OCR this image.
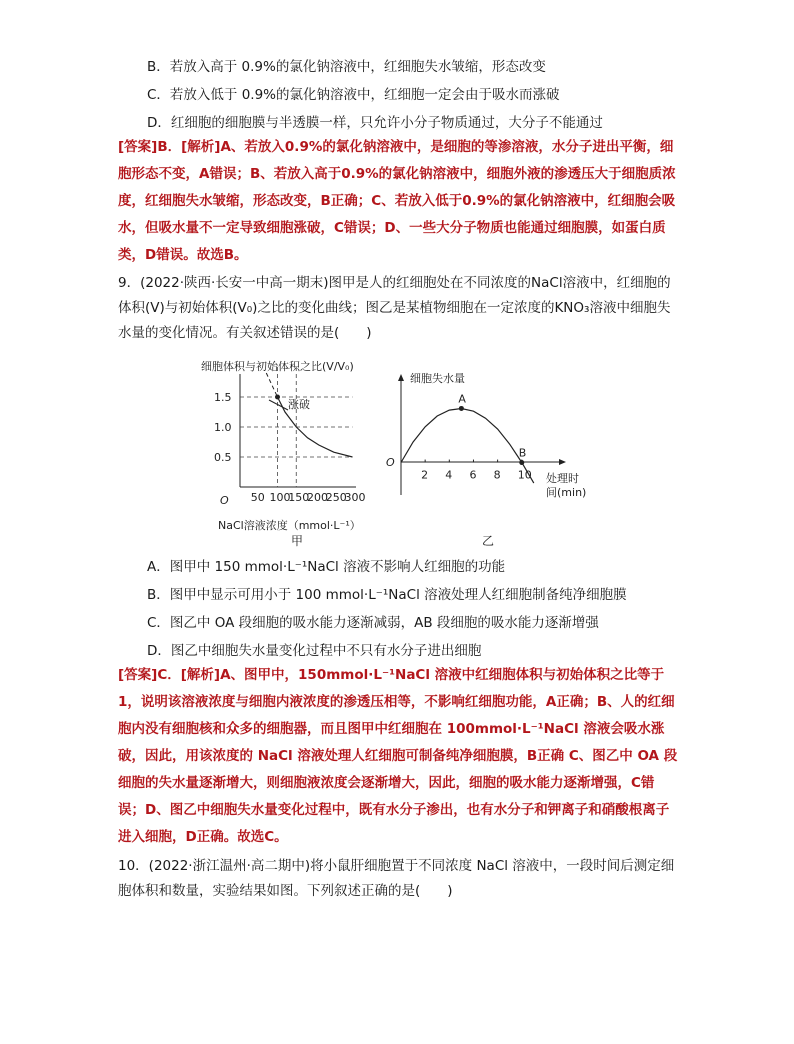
B．若放入高于 0.9%的氯化钠溶液中，红细胞失水皱缩，形态改变
C．若放入低于 0.9%的氯化钠溶液中，红细胞一定会由于吸水而涨破
D．红细胞的细胞膜与半透膜一样，只允许小分子物质通过，大分子不能通过
[答案]B．[解析]A、若放入0.9%的氯化钠溶液中，是细胞的等渗溶液，水分子进出平衡，细胞形态不变，A错误；B、若放入高于0.9%的氯化钠溶液中，细胞外液的渗透压大于细胞质浓度，红细胞失水皱缩，形态改变，B正确；C、若放入低于0.9%的氯化钠溶液中，红细胞会吸水，但吸水量不一定导致细胞涨破，C错误；D、一些大分子物质也能通过细胞膜，如蛋白质类，D错误。故选B。
9．(2022·陕西·长安一中高一期末)图甲是人的红细胞处在不同浓度的NaCl溶液中，红细胞的体积(V)与初始体积(V₀)之比的变化曲线；图乙是某植物细胞在一定浓度的KNO₃溶液中细胞失水量的变化情况。有关叙述错误的是(　　)
细胞体积与初始体积之比(V/V₀)
O 50 100
150
200
250
300
0.5
1.0
1.5
涨破
NaCl溶液浓度（mmol·L⁻¹）
甲
细胞失水量
O
2 4 6 8 10
A
B
处理时
间(min)
乙
A．图甲中 150 mmol·L⁻¹NaCl 溶液不影响人红细胞的功能
B．图甲中显示可用小于 100 mmol·L⁻¹NaCl 溶液处理人红细胞制备纯净细胞膜
C．图乙中 OA 段细胞的吸水能力逐渐减弱，AB 段细胞的吸水能力逐渐增强
D．图乙中细胞失水量变化过程中不只有水分子进出细胞
[答案]C．[解析]A、图甲中，150mmol·L⁻¹NaCl 溶液中红细胞体积与初始体积之比等于1，说明该溶液浓度与细胞内液浓度的渗透压相等，不影响红细胞功能，A正确；B、人的红细胞内没有细胞核和众多的细胞器，而且图甲中红细胞在 100mmol·L⁻¹NaCl 溶液会吸水涨破，因此，用该浓度的 NaCl 溶液处理人红细胞可制备纯净细胞膜，B正确 C、图乙中 OA 段细胞的失水量逐渐增大，则细胞液浓度会逐渐增大，因此，细胞的吸水能力逐渐增强，C错误；D、图乙中细胞失水量变化过程中，既有水分子渗出，也有水分子和钾离子和硝酸根离子进入细胞，D正确。故选C。
10．(2022·浙江温州·高二期中)将小鼠肝细胞置于不同浓度 NaCl 溶液中，一段时间后测定细胞体积和数量，实验结果如图。下列叙述正确的是(　　)
